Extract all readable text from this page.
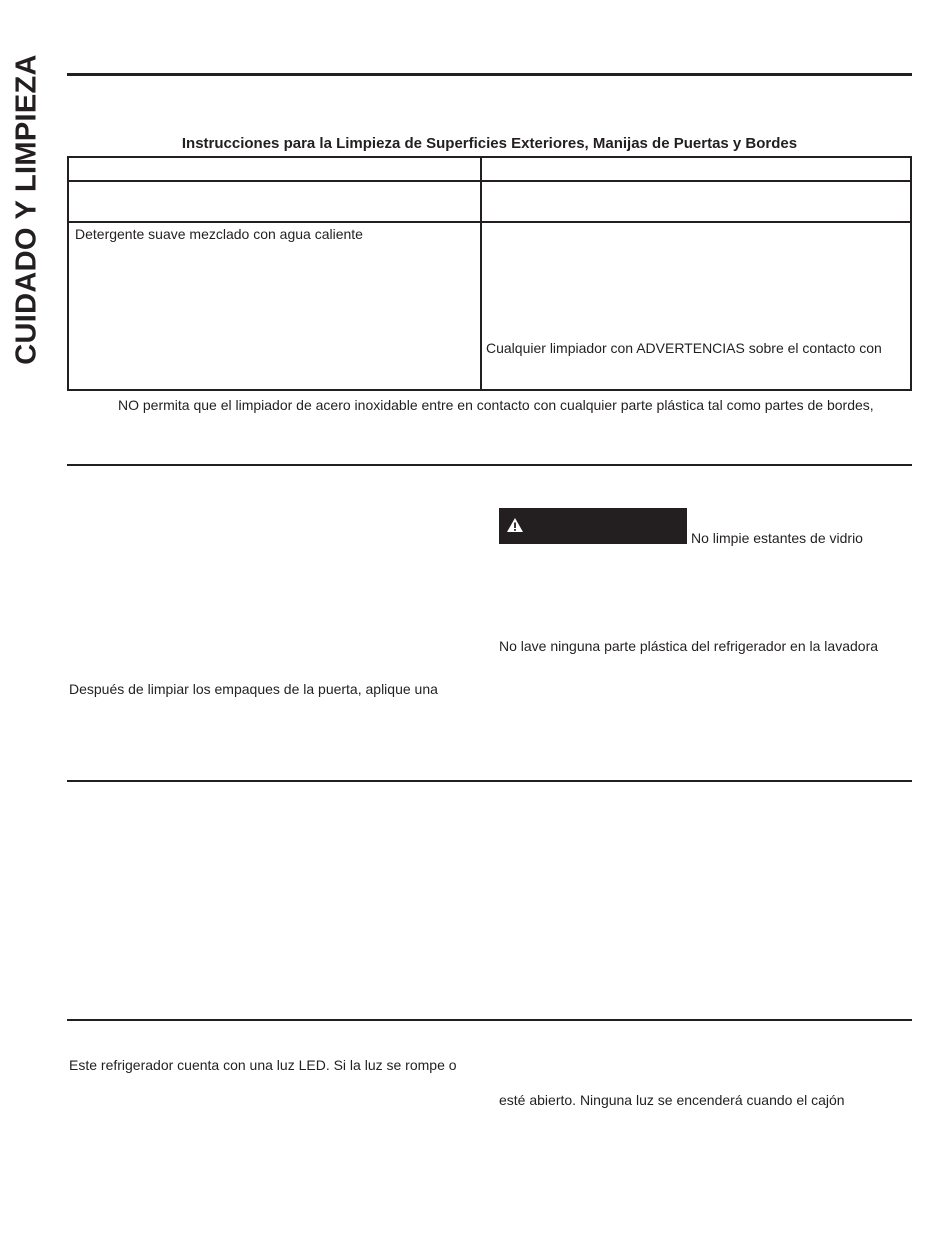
CUIDADO Y LIMPIEZA	Instrucciones para la Limpieza de Superficies Exteriores, Manijas de Puertas y Bordes
Detergente suave mezclado con agua caliente
Cualquier limpiador con ADVERTENCIAS sobre el contacto con
NO permita que el limpiador de acero inoxidable entre en contacto con cualquier parte plástica tal como partes de bordes,
No limpie estantes de vidrio
No lave ninguna parte plástica del refrigerador en la lavadora
Después de limpiar los empaques de la puerta, aplique una
Este refrigerador cuenta con una luz LED. Si la luz se rompe o
esté abierto. Ninguna luz se encenderá cuando el cajón
